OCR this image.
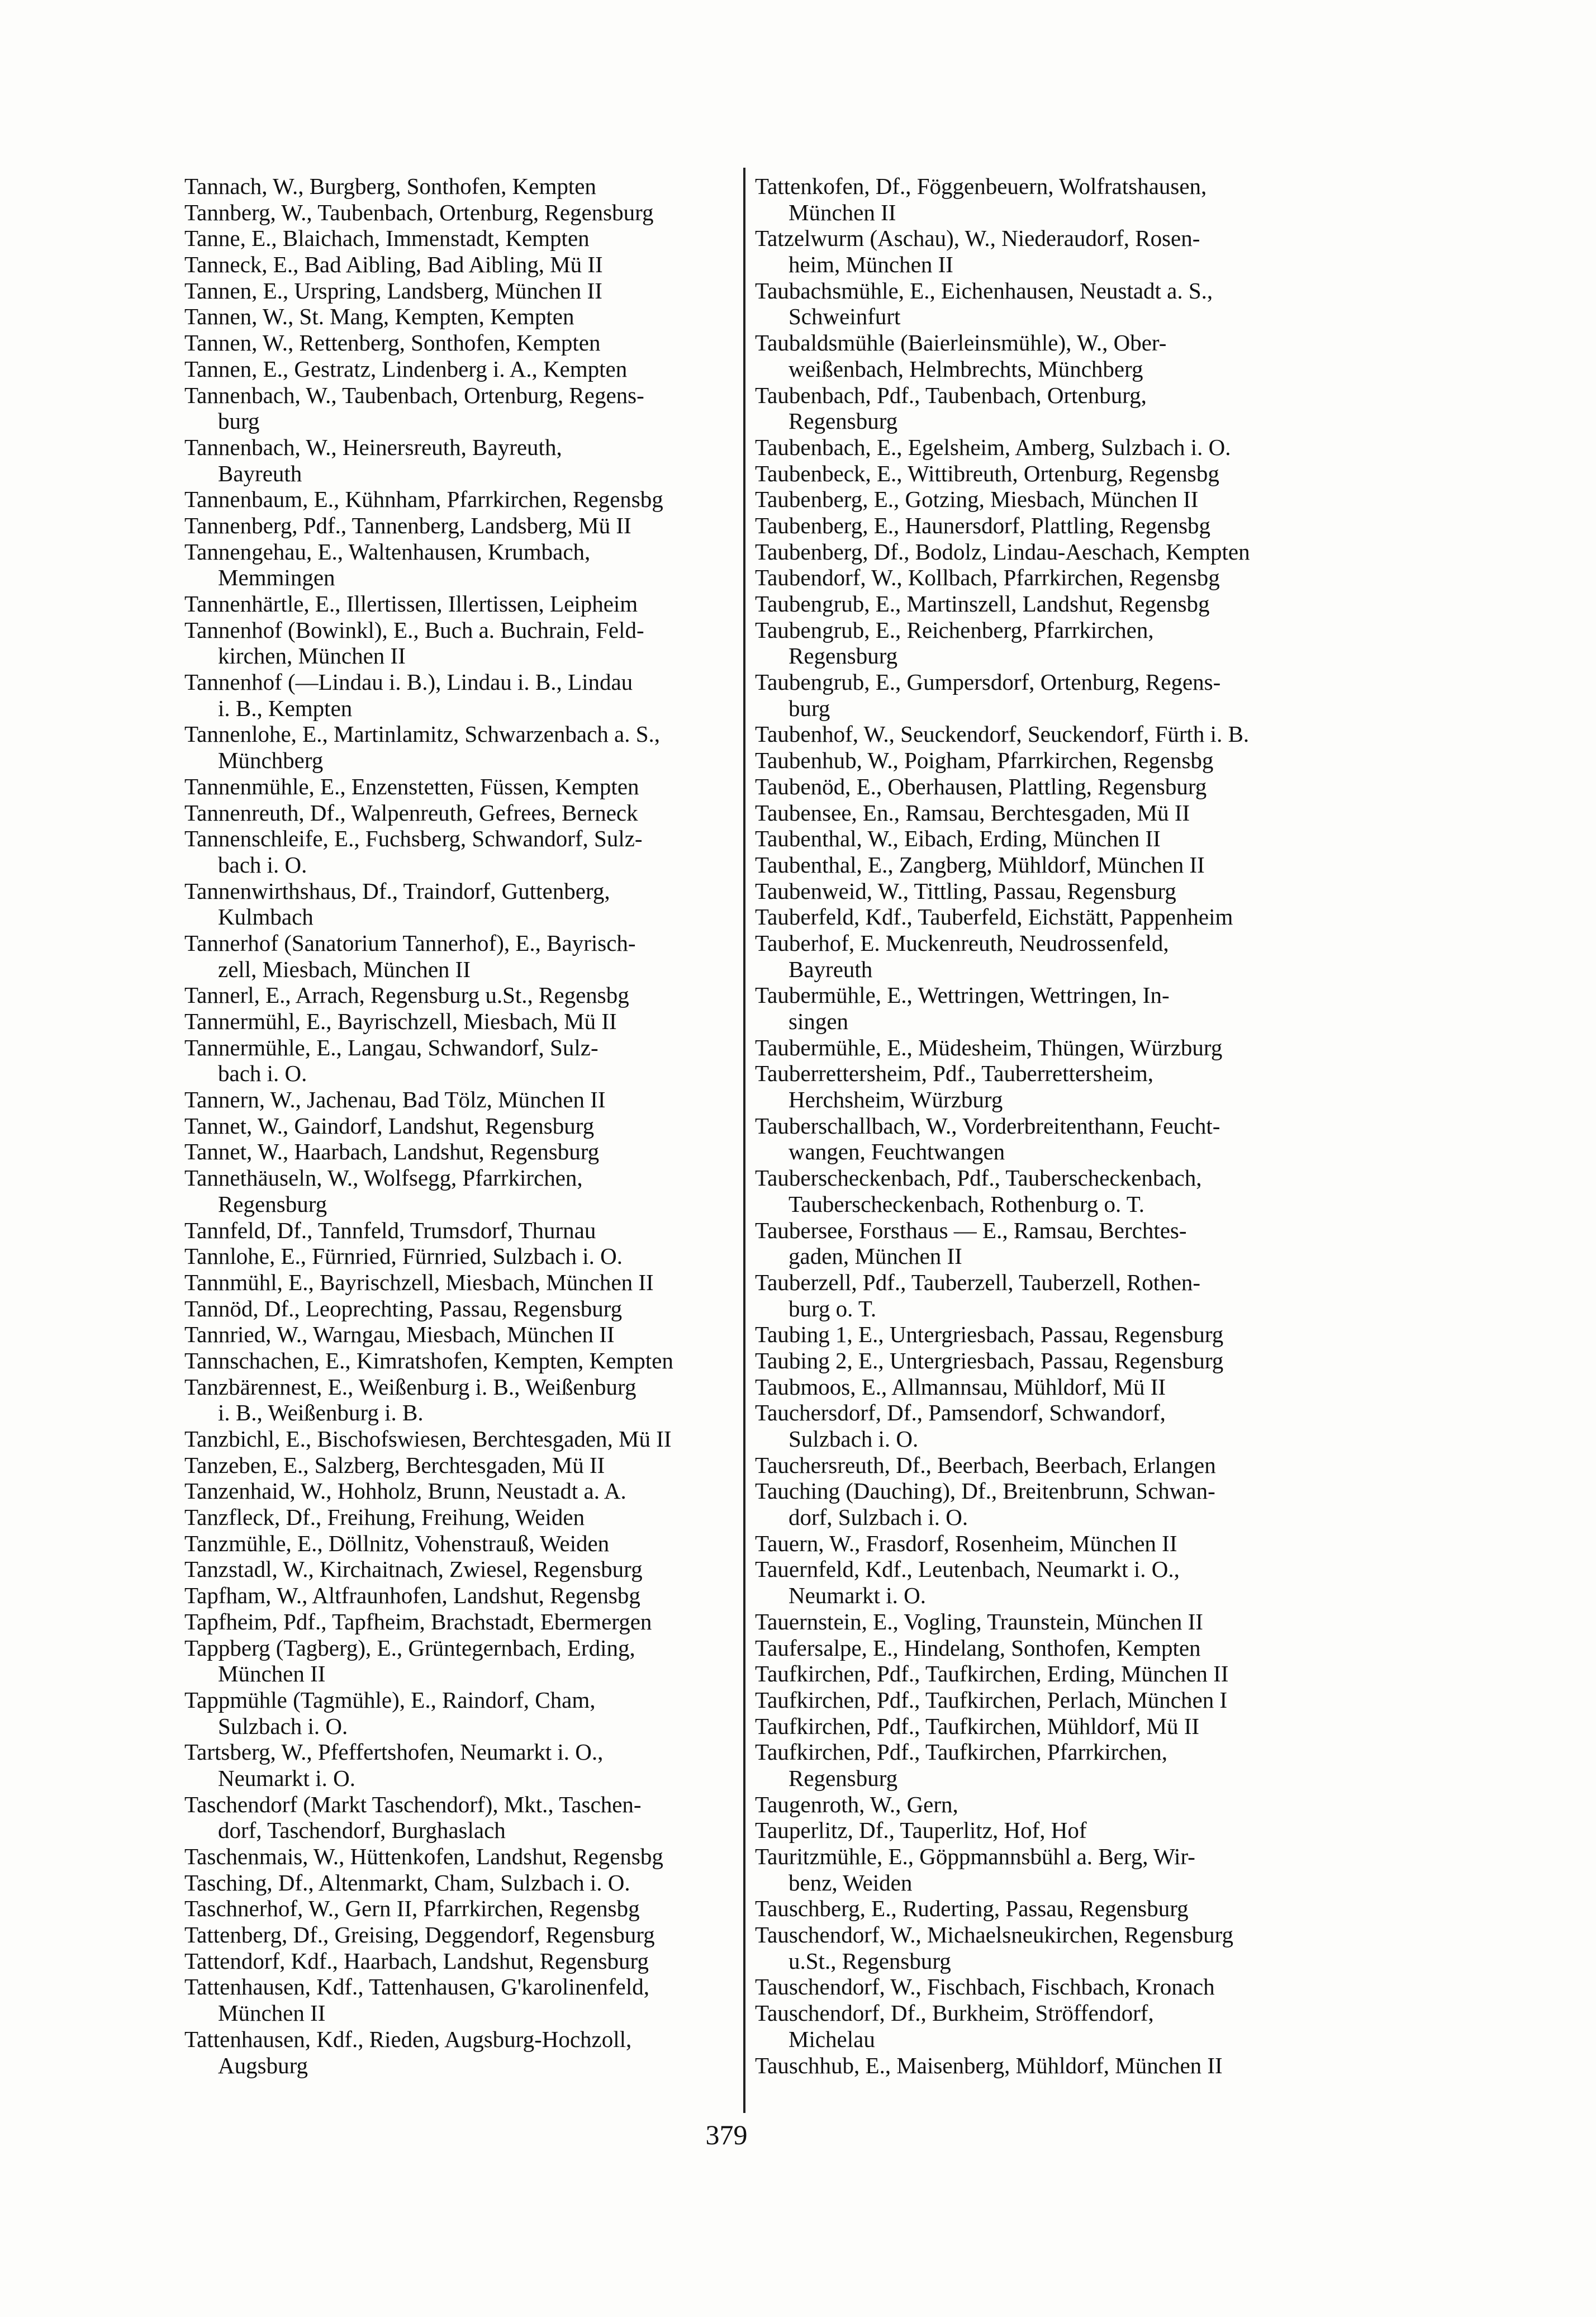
Tannach, W., Burgberg, Sonthofen, Kempten
Tannberg, W., Taubenbach, Ortenburg, Regensburg
Tanne, E., Blaichach, Immenstadt, Kempten
Tanneck, E., Bad Aibling, Bad Aibling, Mü II
Tannen, E., Urspring, Landsberg, München II
Tannen, W., St. Mang, Kempten, Kempten
Tannen, W., Rettenberg, Sonthofen, Kempten
Tannen, E., Gestratz, Lindenberg i. A., Kempten
Tannenbach, W., Taubenbach, Ortenburg, Regens-
burg
Tannenbach, W., Heinersreuth, Bayreuth,
Bayreuth
Tannenbaum, E., Kühnham, Pfarrkirchen, Regensbg
Tannenberg, Pdf., Tannenberg, Landsberg, Mü II
Tannengehau, E., Waltenhausen, Krumbach,
Memmingen
Tannenhärtle, E., Illertissen, Illertissen, Leipheim
Tannenhof (Bowinkl), E., Buch a. Buchrain, Feld-
kirchen, München II
Tannenhof (—Lindau i. B.), Lindau i. B., Lindau
i. B., Kempten
Tannenlohe, E., Martinlamitz, Schwarzenbach a. S.,
Münchberg
Tannenmühle, E., Enzenstetten, Füssen, Kempten
Tannenreuth, Df., Walpenreuth, Gefrees, Berneck
Tannenschleife, E., Fuchsberg, Schwandorf, Sulz-
bach i. O.
Tannenwirthshaus, Df., Traindorf, Guttenberg,
Kulmbach
Tannerhof (Sanatorium Tannerhof), E., Bayrisch-
zell, Miesbach, München II
Tannerl, E., Arrach, Regensburg u.St., Regensbg
Tannermühl, E., Bayrischzell, Miesbach, Mü II
Tannermühle, E., Langau, Schwandorf, Sulz-
bach i. O.
Tannern, W., Jachenau, Bad Tölz, München II
Tannet, W., Gaindorf, Landshut, Regensburg
Tannet, W., Haarbach, Landshut, Regensburg
Tannethäuseln, W., Wolfsegg, Pfarrkirchen,
Regensburg
Tannfeld, Df., Tannfeld, Trumsdorf, Thurnau
Tannlohe, E., Fürnried, Fürnried, Sulzbach i. O.
Tannmühl, E., Bayrischzell, Miesbach, München II
Tannöd, Df., Leoprechting, Passau, Regensburg
Tannried, W., Warngau, Miesbach, München II
Tannschachen, E., Kimratshofen, Kempten, Kempten
Tanzbärennest, E., Weißenburg i. B., Weißenburg
i. B., Weißenburg i. B.
Tanzbichl, E., Bischofswiesen, Berchtesgaden, Mü II
Tanzeben, E., Salzberg, Berchtesgaden, Mü II
Tanzenhaid, W., Hohholz, Brunn, Neustadt a. A.
Tanzfleck, Df., Freihung, Freihung, Weiden
Tanzmühle, E., Döllnitz, Vohenstrauß, Weiden
Tanzstadl, W., Kirchaitnach, Zwiesel, Regensburg
Tapfham, W., Altfraunhofen, Landshut, Regensbg
Tapfheim, Pdf., Tapfheim, Brachstadt, Ebermergen
Tappberg (Tagberg), E., Grüntegernbach, Erding,
München II
Tappmühle (Tagmühle), E., Raindorf, Cham,
Sulzbach i. O.
Tartsberg, W., Pfeffertshofen, Neumarkt i. O.,
Neumarkt i. O.
Taschendorf (Markt Taschendorf), Mkt., Taschen-
dorf, Taschendorf, Burghaslach
Taschenmais, W., Hüttenkofen, Landshut, Regensbg
Tasching, Df., Altenmarkt, Cham, Sulzbach i. O.
Taschnerhof, W., Gern II, Pfarrkirchen, Regensbg
Tattenberg, Df., Greising, Deggendorf, Regensburg
Tattendorf, Kdf., Haarbach, Landshut, Regensburg
Tattenhausen, Kdf., Tattenhausen, G'karolinenfeld,
München II
Tattenhausen, Kdf., Rieden, Augsburg-Hochzoll,
Augsburg
Tattenkofen, Df., Föggenbeuern, Wolfratshausen,
München II
Tatzelwurm (Aschau), W., Niederaudorf, Rosen-
heim, München II
Taubachsmühle, E., Eichenhausen, Neustadt a. S.,
Schweinfurt
Taubaldsmühle (Baierleinsmühle), W., Ober-
weißenbach, Helmbrechts, Münchberg
Taubenbach, Pdf., Taubenbach, Ortenburg,
Regensburg
Taubenbach, E., Egelsheim, Amberg, Sulzbach i. O.
Taubenbeck, E., Wittibreuth, Ortenburg, Regensbg
Taubenberg, E., Gotzing, Miesbach, München II
Taubenberg, E., Haunersdorf, Plattling, Regensbg
Taubenberg, Df., Bodolz, Lindau-Aeschach, Kempten
Taubendorf, W., Kollbach, Pfarrkirchen, Regensbg
Taubengrub, E., Martinszell, Landshut, Regensbg
Taubengrub, E., Reichenberg, Pfarrkirchen,
Regensburg
Taubengrub, E., Gumpersdorf, Ortenburg, Regens-
burg
Taubenhof, W., Seuckendorf, Seuckendorf, Fürth i. B.
Taubenhub, W., Poigham, Pfarrkirchen, Regensbg
Taubenöd, E., Oberhausen, Plattling, Regensburg
Taubensee, En., Ramsau, Berchtesgaden, Mü II
Taubenthal, W., Eibach, Erding, München II
Taubenthal, E., Zangberg, Mühldorf, München II
Taubenweid, W., Tittling, Passau, Regensburg
Tauberfeld, Kdf., Tauberfeld, Eichstätt, Pappenheim
Tauberhof, E. Muckenreuth, Neudrossenfeld,
Bayreuth
Taubermühle, E., Wettringen, Wettringen, In-
singen
Taubermühle, E., Müdesheim, Thüngen, Würzburg
Tauberrettersheim, Pdf., Tauberrettersheim,
Herchsheim, Würzburg
Tauberschallbach, W., Vorderbreitenthann, Feucht-
wangen, Feuchtwangen
Tauberscheckenbach, Pdf., Tauberscheckenbach,
Tauberscheckenbach, Rothenburg o. T.
Taubersee, Forsthaus — E., Ramsau, Berchtes-
gaden, München II
Tauberzell, Pdf., Tauberzell, Tauberzell, Rothen-
burg o. T.
Taubing 1, E., Untergriesbach, Passau, Regensburg
Taubing 2, E., Untergriesbach, Passau, Regensburg
Taubmoos, E., Allmannsau, Mühldorf, Mü II
Tauchersdorf, Df., Pamsendorf, Schwandorf,
Sulzbach i. O.
Tauchersreuth, Df., Beerbach, Beerbach, Erlangen
Tauching (Dauching), Df., Breitenbrunn, Schwan-
dorf, Sulzbach i. O.
Tauern, W., Frasdorf, Rosenheim, München II
Tauernfeld, Kdf., Leutenbach, Neumarkt i. O.,
Neumarkt i. O.
Tauernstein, E., Vogling, Traunstein, München II
Taufersalpe, E., Hindelang, Sonthofen, Kempten
Taufkirchen, Pdf., Taufkirchen, Erding, München II
Taufkirchen, Pdf., Taufkirchen, Perlach, München I
Taufkirchen, Pdf., Taufkirchen, Mühldorf, Mü II
Taufkirchen, Pdf., Taufkirchen, Pfarrkirchen,
Regensburg
Taugenroth, W., Gern,
Tauperlitz, Df., Tauperlitz, Hof, Hof
Tauritzmühle, E., Göppmannsbühl a. Berg, Wir-
benz, Weiden
Tauschberg, E., Ruderting, Passau, Regensburg
Tauschendorf, W., Michaelsneukirchen, Regensburg
u.St., Regensburg
Tauschendorf, W., Fischbach, Fischbach, Kronach
Tauschendorf, Df., Burkheim, Ströffendorf,
Michelau
Tauschhub, E., Maisenberg, Mühldorf, München II
379
